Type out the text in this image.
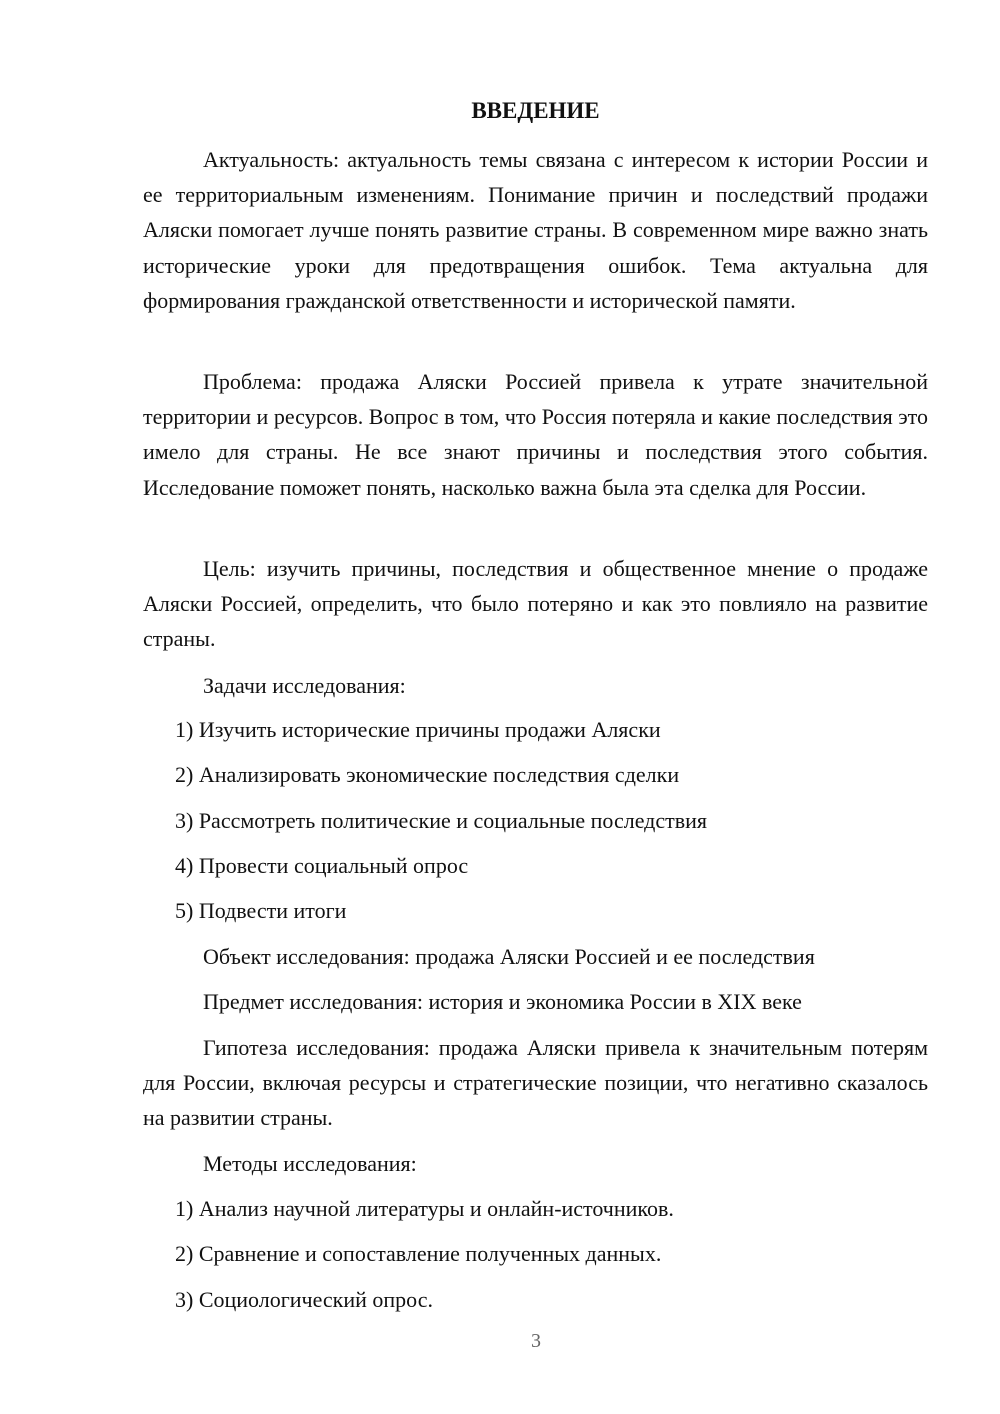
ВВЕДЕНИЕ

Актуальность: актуальность темы связана с интересом к истории России и ее территориальным изменениям. Понимание причин и последствий продажи Аляски помогает лучше понять развитие страны. В современном мире важно знать исторические уроки для предотвращения ошибок. Тема актуальна для формирования гражданской ответственности и исторической памяти.

Проблема: продажа Аляски Россией привела к утрате значительной территории и ресурсов. Вопрос в том, что Россия потеряла и какие последствия это имело для страны. Не все знают причины и последствия этого события. Исследование поможет понять, насколько важна была эта сделка для России.

Цель: изучить причины, последствия и общественное мнение о продаже Аляски Россией, определить, что было потеряно и как это повлияло на развитие страны.

Задачи исследования:

1) Изучить исторические причины продажи Аляски

2) Анализировать экономические последствия сделки

3) Рассмотреть политические и социальные последствия

4) Провести социальный опрос

5) Подвести итоги

Объект исследования: продажа Аляски Россией и ее последствия

Предмет исследования: история и экономика России в XIX веке

Гипотеза исследования: продажа Аляски привела к значительным потерям для России, включая ресурсы и стратегические позиции, что негативно сказалось на развитии страны.

Методы исследования:

1) Анализ научной литературы и онлайн-источников.

2) Сравнение и сопоставление полученных данных.

3) Социологический опрос.

3
